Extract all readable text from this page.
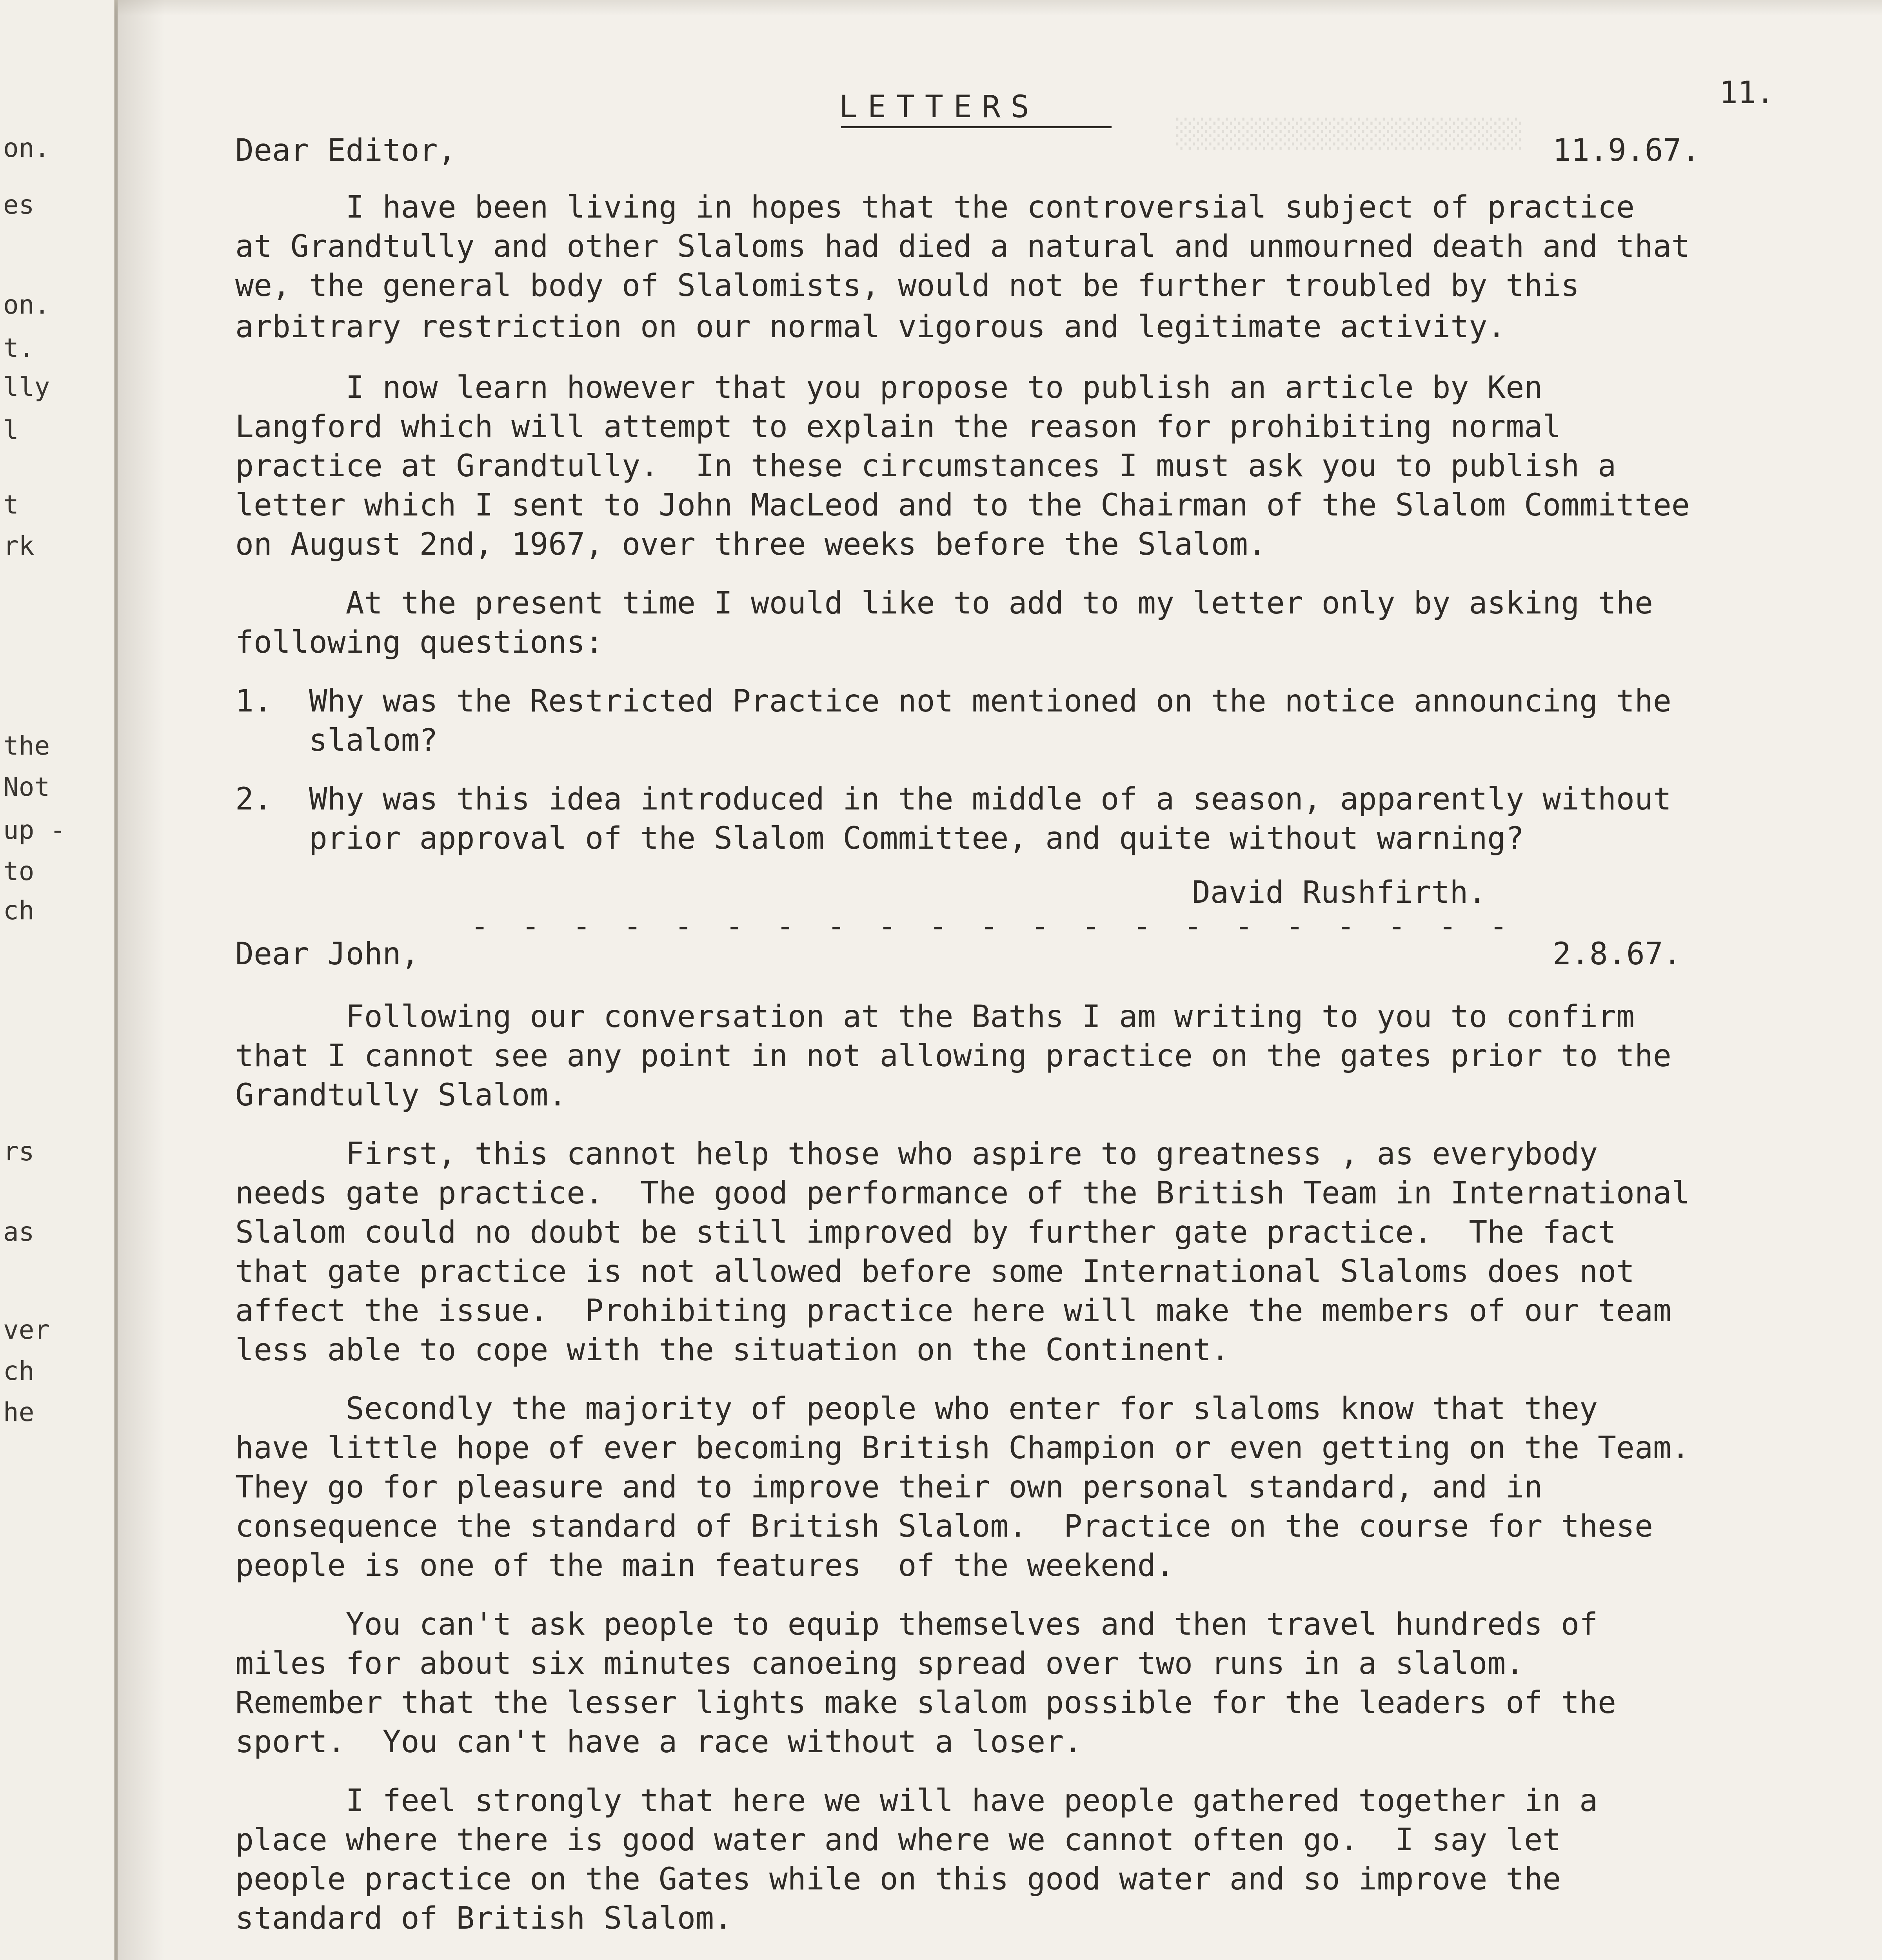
on.
es
on.
t.
lly
l
t
rk
the
Not
up -
to
ch
rs
as
ver
ch
he
░░░░░░░░░░░░░░░░░░░░░
11.
LETTERS
Dear Editor,	11.9.67.
I have been living in hopes that the controversial subject of practice
at Grandtully and other Slaloms had died a natural and unmourned death and that
we, the general body of Slalomists, would not be further troubled by this
arbitrary restriction on our normal vigorous and legitimate activity.
I now learn however that you propose to publish an article by Ken
Langford which will attempt to explain the reason for prohibiting normal
practice at Grandtully.  In these circumstances I must ask you to publish a
letter which I sent to John MacLeod and to the Chairman of the Slalom Committee
on August 2nd, 1967, over three weeks before the Slalom.
At the present time I would like to add to my letter only by asking the
following questions:
1.  Why was the Restricted Practice not mentioned on the notice announcing the
slalom?
2.  Why was this idea introduced in the middle of a season, apparently without
prior approval of the Slalom Committee, and quite without warning?
David Rushfirth.
- - - - - - - - - - - - - - - - - - - - -
Dear John,	2.8.67.
Following our conversation at the Baths I am writing to you to confirm
that I cannot see any point in not allowing practice on the gates prior to the
Grandtully Slalom.
First, this cannot help those who aspire to greatness , as everybody
needs gate practice.  The good performance of the British Team in International
Slalom could no doubt be still improved by further gate practice.  The fact
that gate practice is not allowed before some International Slaloms does not
affect the issue.  Prohibiting practice here will make the members of our team
less able to cope with the situation on the Continent.
Secondly the majority of people who enter for slaloms know that they
have little hope of ever becoming British Champion or even getting on the Team.
They go for pleasure and to improve their own personal standard, and in
consequence the standard of British Slalom.  Practice on the course for these
people is one of the main features  of the weekend.
You can't ask people to equip themselves and then travel hundreds of
miles for about six minutes canoeing spread over two runs in a slalom.
Remember that the lesser lights make slalom possible for the leaders of the
sport.  You can't have a race without a loser.
I feel strongly that here we will have people gathered together in a
place where there is good water and where we cannot often go.  I say let
people practice on the Gates while on this good water and so improve the
standard of British Slalom.
